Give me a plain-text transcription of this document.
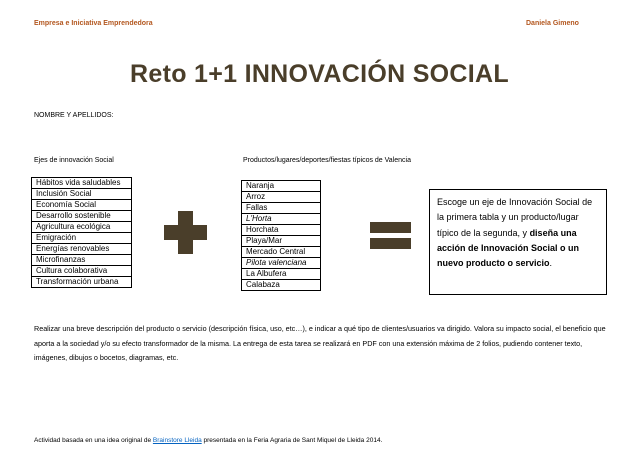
Empresa e Iniciativa Emprendedora	Daniela Gimeno
Reto 1+1 INNOVACIÓN SOCIAL
NOMBRE Y APELLIDOS:
Ejes de innovación Social	Productos/lugares/deportes/fiestas típicos de Valencia
Hábitos vida saludables
Inclusión Social
Economía Social
Desarrollo sostenible
Agricultura ecológica
Emigración
Energías renovables
Microfinanzas
Cultura colaborativa
Transformación urbana
Naranja
Arroz
Fallas
L'Horta
Horchata
Playa/Mar
Mercado Central
Pilota valenciana
La Albufera
Calabaza
Escoge un eje de Innovación Social de la primera tabla y un producto/lugar típico de la segunda, y diseña una acción de Innovación Social o un nuevo producto o servicio.
Realizar una breve descripción del producto o servicio (descripción física, uso, etc…), e indicar a qué tipo de clientes/usuarios va dirigido. Valora su impacto social, el beneficio que aporta a la sociedad y/o su efecto transformador de la misma. La entrega de esta tarea se realizará en PDF con una extensión máxima de 2 folios, pudiendo contener texto, imágenes, dibujos o bocetos, diagramas, etc.
Actividad basada en una idea original de Brainstore Lleida presentada en la Feria Agraria de Sant Miquel de Lleida 2014.
